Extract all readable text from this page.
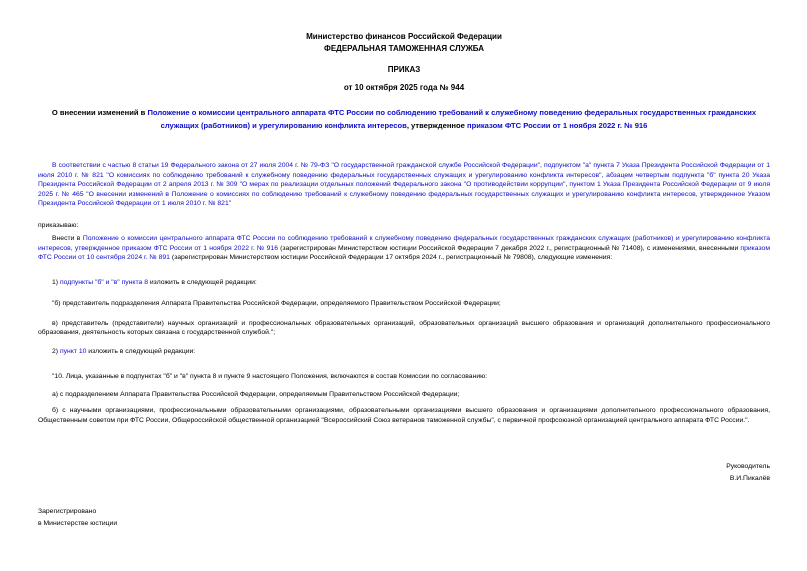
Министерство финансов Российской Федерации
ФЕДЕРАЛЬНАЯ ТАМОЖЕННАЯ СЛУЖБА
ПРИКАЗ
от 10 октября 2025 года № 944
О внесении изменений в Положение о комиссии центрального аппарата ФТС России по соблюдению требований к служебному поведению федеральных государственных гражданских служащих (работников) и урегулированию конфликта интересов, утвержденное приказом ФТС России от 1 ноября 2022 г. № 916

В соответствии с частью 8 статьи 19 Федерального закона от 27 июля 2004 г. № 79-ФЗ "О государственной гражданской службе Российской Федерации", подпунктом "а" пункта 7 Указа Президента Российской Федерации от 1 июля 2010 г. № 821 "О комиссиях по соблюдению требований к служебному поведению федеральных государственных служащих и урегулированию конфликта интересов", абзацем четвертым подпункта "б" пункта 20 Указа Президента Российской Федерации от 2 апреля 2013 г. № 309 "О мерах по реализации отдельных положений Федерального закона "О противодействии коррупции", пунктом 1 Указа Президента Российской Федерации от 9 июля 2025 г. № 465 "О внесении изменений в Положение о комиссиях по соблюдению требований к служебному поведению федеральных государственных служащих и урегулированию конфликта интересов, утвержденное Указом Президента Российской Федерации от 1 июля 2010 г. № 821"

приказываю:

Внести в Положение о комиссии центрального аппарата ФТС России по соблюдению требований к служебному поведению федеральных государственных гражданских служащих (работников) и урегулированию конфликта интересов, утвержденное приказом ФТС России от 1 ноября 2022 г. № 916 (зарегистрирован Министерством юстиции Российской Федерации 7 декабря 2022 г., регистрационный № 71408), с изменениями, внесенными приказом ФТС России от 10 сентября 2024 г. № 891 (зарегистрирован Министерством юстиции Российской Федерации 17 октября 2024 г., регистрационный № 79808), следующие изменения:

1) подпункты "б" и "в" пункта 8 изложить в следующей редакции:

"б) представитель подразделения Аппарата Правительства Российской Федерации, определяемого Правительством Российской Федерации;

в) представитель (представители) научных организаций и профессиональных образовательных организаций, образовательных организаций высшего образования и организаций дополнительного профессионального образования, деятельность которых связана с государственной службой.";

2) пункт 10 изложить в следующей редакции:

"10. Лица, указанные в подпунктах "б" и "в" пункта 8 и пункте 9 настоящего Положения, включаются в состав Комиссии по согласованию:

а) с подразделением Аппарата Правительства Российской Федерации, определяемым Правительством Российской Федерации;

б) с научными организациями, профессиональными образовательными организациями, образовательными организациями высшего образования и организациями дополнительного профессионального образования, Общественным советом при ФТС России, Общероссийской общественной организацией "Всероссийский Союз ветеранов таможенной службы", с первичной профсоюзной организацией центрального аппарата ФТС России.".

Руководитель
В.И.Пикалёв
Зарегистрировано
в Министерстве юстиции
